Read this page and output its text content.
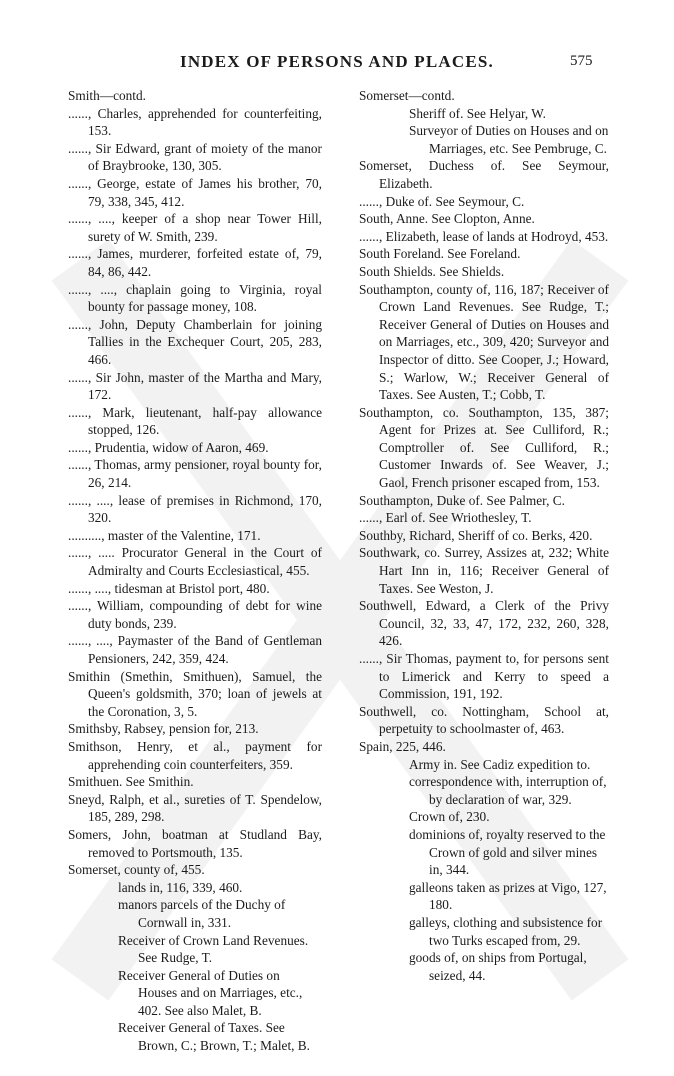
INDEX OF PERSONS AND PLACES.	575

Smith—contd.

......, Charles, apprehended for counterfeiting, 153.

......, Sir Edward, grant of moiety of the manor of Braybrooke, 130, 305.

......, George, estate of James his brother, 70, 79, 338, 345, 412.

......, ...., keeper of a shop near Tower Hill, surety of W. Smith, 239.

......, James, murderer, forfeited estate of, 79, 84, 86, 442.

......, ...., chaplain going to Virginia, royal bounty for passage money, 108.

......, John, Deputy Chamberlain for joining Tallies in the Exchequer Court, 205, 283, 466.

......, Sir John, master of the Martha and Mary, 172.

......, Mark, lieutenant, half-pay allowance stopped, 126.

......, Prudentia, widow of Aaron, 469.

......, Thomas, army pensioner, royal bounty for, 26, 214.

......, ...., lease of premises in Richmond, 170, 320.

.........., master of the Valentine, 171.

......, ..... Procurator General in the Court of Admiralty and Courts Ecclesiastical, 455.

......, ...., tidesman at Bristol port, 480.

......, William, compounding of debt for wine duty bonds, 239.

......, ...., Paymaster of the Band of Gentleman Pensioners, 242, 359, 424.

Smithin (Smethin, Smithuen), Samuel, the Queen's goldsmith, 370; loan of jewels at the Coronation, 3, 5.

Smithsby, Rabsey, pension for, 213.

Smithson, Henry, et al., payment for apprehending coin counterfeiters, 359.

Smithuen. See Smithin.

Sneyd, Ralph, et al., sureties of T. Spendelow, 185, 289, 298.

Somers, John, boatman at Studland Bay, removed to Portsmouth, 135.

Somerset, county of, 455.

lands in, 116, 339, 460.

manors parcels of the Duchy of Cornwall in, 331.

Receiver of Crown Land Revenues. See Rudge, T.

Receiver General of Duties on Houses and on Marriages, etc., 402. See also Malet, B.

Receiver General of Taxes. See Brown, C.; Brown, T.; Malet, B.

Somerset—contd.

Sheriff of. See Helyar, W.

Surveyor of Duties on Houses and on Marriages, etc. See Pembruge, C.

Somerset, Duchess of. See Seymour, Elizabeth.

......, Duke of. See Seymour, C.

South, Anne. See Clopton, Anne.

......, Elizabeth, lease of lands at Hodroyd, 453.

South Foreland. See Foreland.

South Shields. See Shields.

Southampton, county of, 116, 187; Receiver of Crown Land Revenues. See Rudge, T.; Receiver General of Duties on Houses and on Marriages, etc., 309, 420; Surveyor and Inspector of ditto. See Cooper, J.; Howard, S.; Warlow, W.; Receiver General of Taxes. See Austen, T.; Cobb, T.

Southampton, co. Southampton, 135, 387; Agent for Prizes at. See Culliford, R.; Comptroller of. See Culliford, R.; Customer Inwards of. See Weaver, J.; Gaol, French prisoner escaped from, 153.

Southampton, Duke of. See Palmer, C.

......, Earl of. See Wriothesley, T.

Southby, Richard, Sheriff of co. Berks, 420.

Southwark, co. Surrey, Assizes at, 232; White Hart Inn in, 116; Receiver General of Taxes. See Weston, J.

Southwell, Edward, a Clerk of the Privy Council, 32, 33, 47, 172, 232, 260, 328, 426.

......, Sir Thomas, payment to, for persons sent to Limerick and Kerry to speed a Commission, 191, 192.

Southwell, co. Nottingham, School at, perpetuity to schoolmaster of, 463.

Spain, 225, 446.

Army in. See Cadiz expedition to.

correspondence with, interruption of, by declaration of war, 329.

Crown of, 230.

dominions of, royalty reserved to the Crown of gold and silver mines in, 344.

galleons taken as prizes at Vigo, 127, 180.

galleys, clothing and subsistence for two Turks escaped from, 29.

goods of, on ships from Portugal, seized, 44.
